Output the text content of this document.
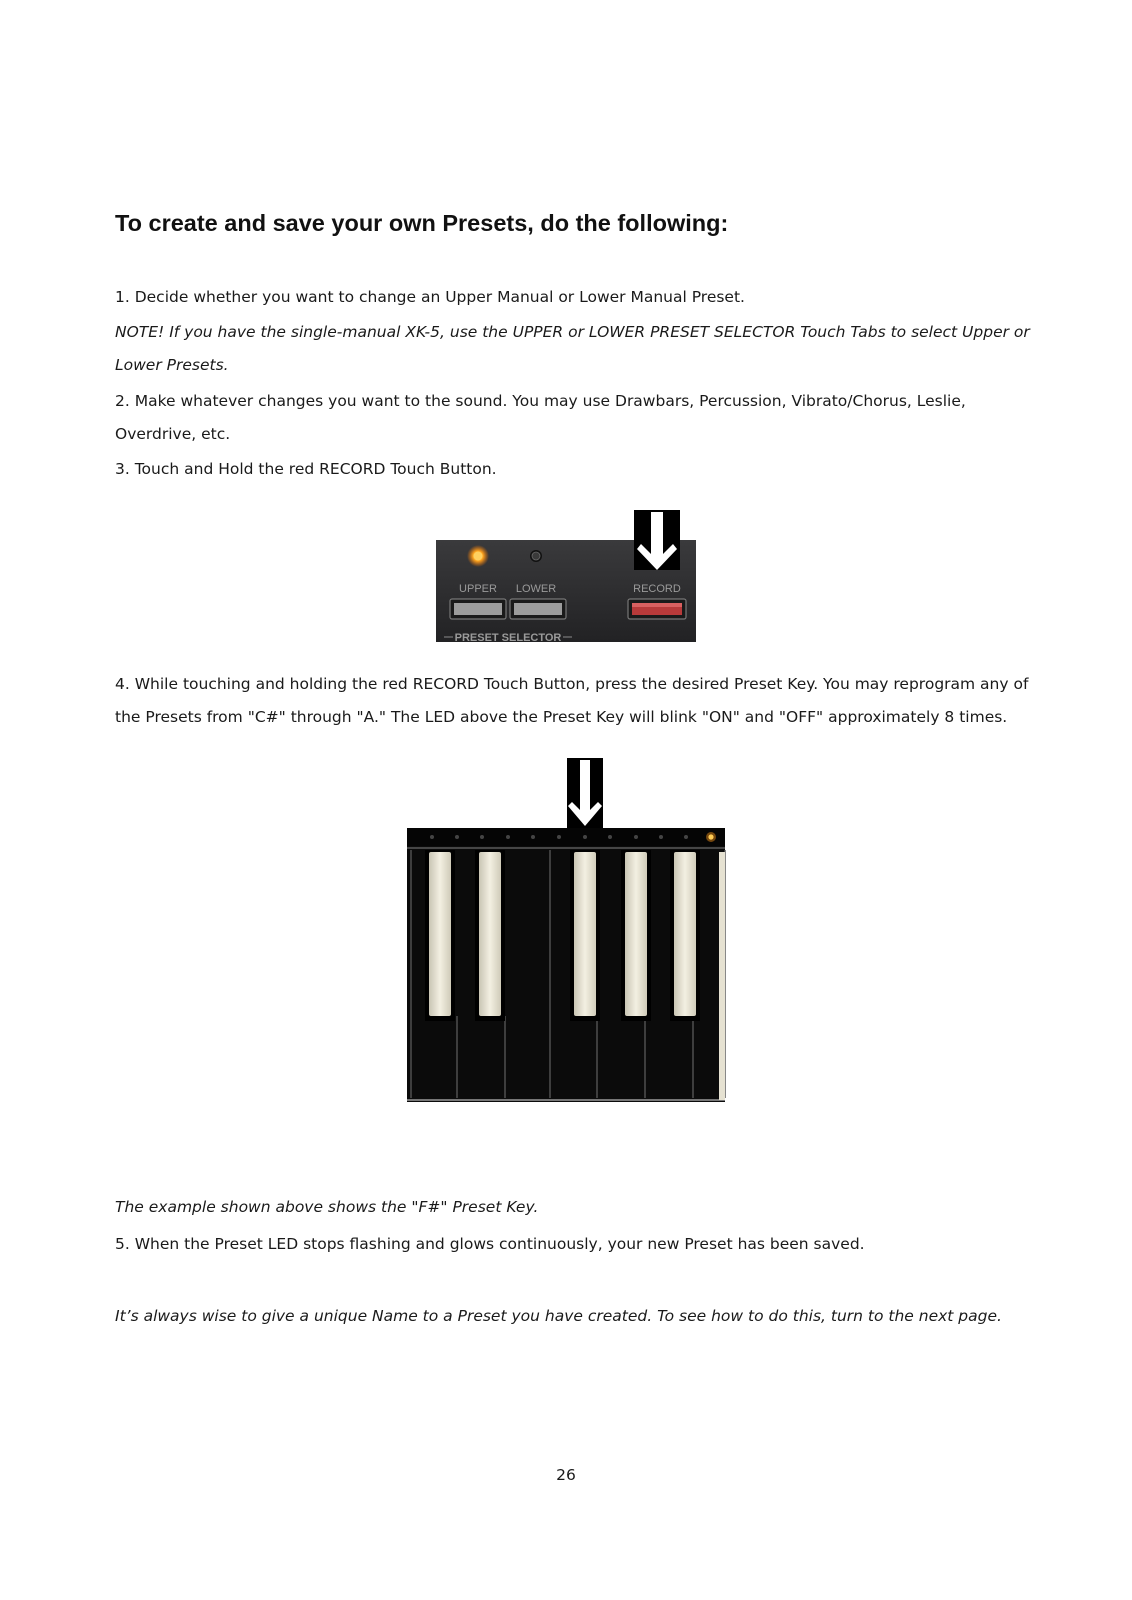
To create and save your own Presets, do the following:

1. Decide whether you want to change an Upper Manual or Lower Manual Preset.

NOTE! If you have the single-manual XK-5, use the UPPER or LOWER PRESET SELECTOR Touch Tabs to select Upper or Lower Presets.

2. Make whatever changes you want to the sound. You may use Drawbars, Percussion, Vibrato/Chorus, Leslie, Overdrive, etc.

3. Touch and Hold the red RECORD Touch Button.

UPPER LOWER	RECORD
PRESET SELECTOR

4. While touching and holding the red RECORD Touch Button, press the desired Preset Key. You may reprogram any of the Presets from "C#" through "A." The LED above the Preset Key will blink "ON" and "OFF" approximately 8 times.

The example shown above shows the "F#" Preset Key.

5. When the Preset LED stops flashing and glows continuously, your new Preset has been saved.

It’s always wise to give a unique Name to a Preset you have created. To see how to do this, turn to the next page.

26
